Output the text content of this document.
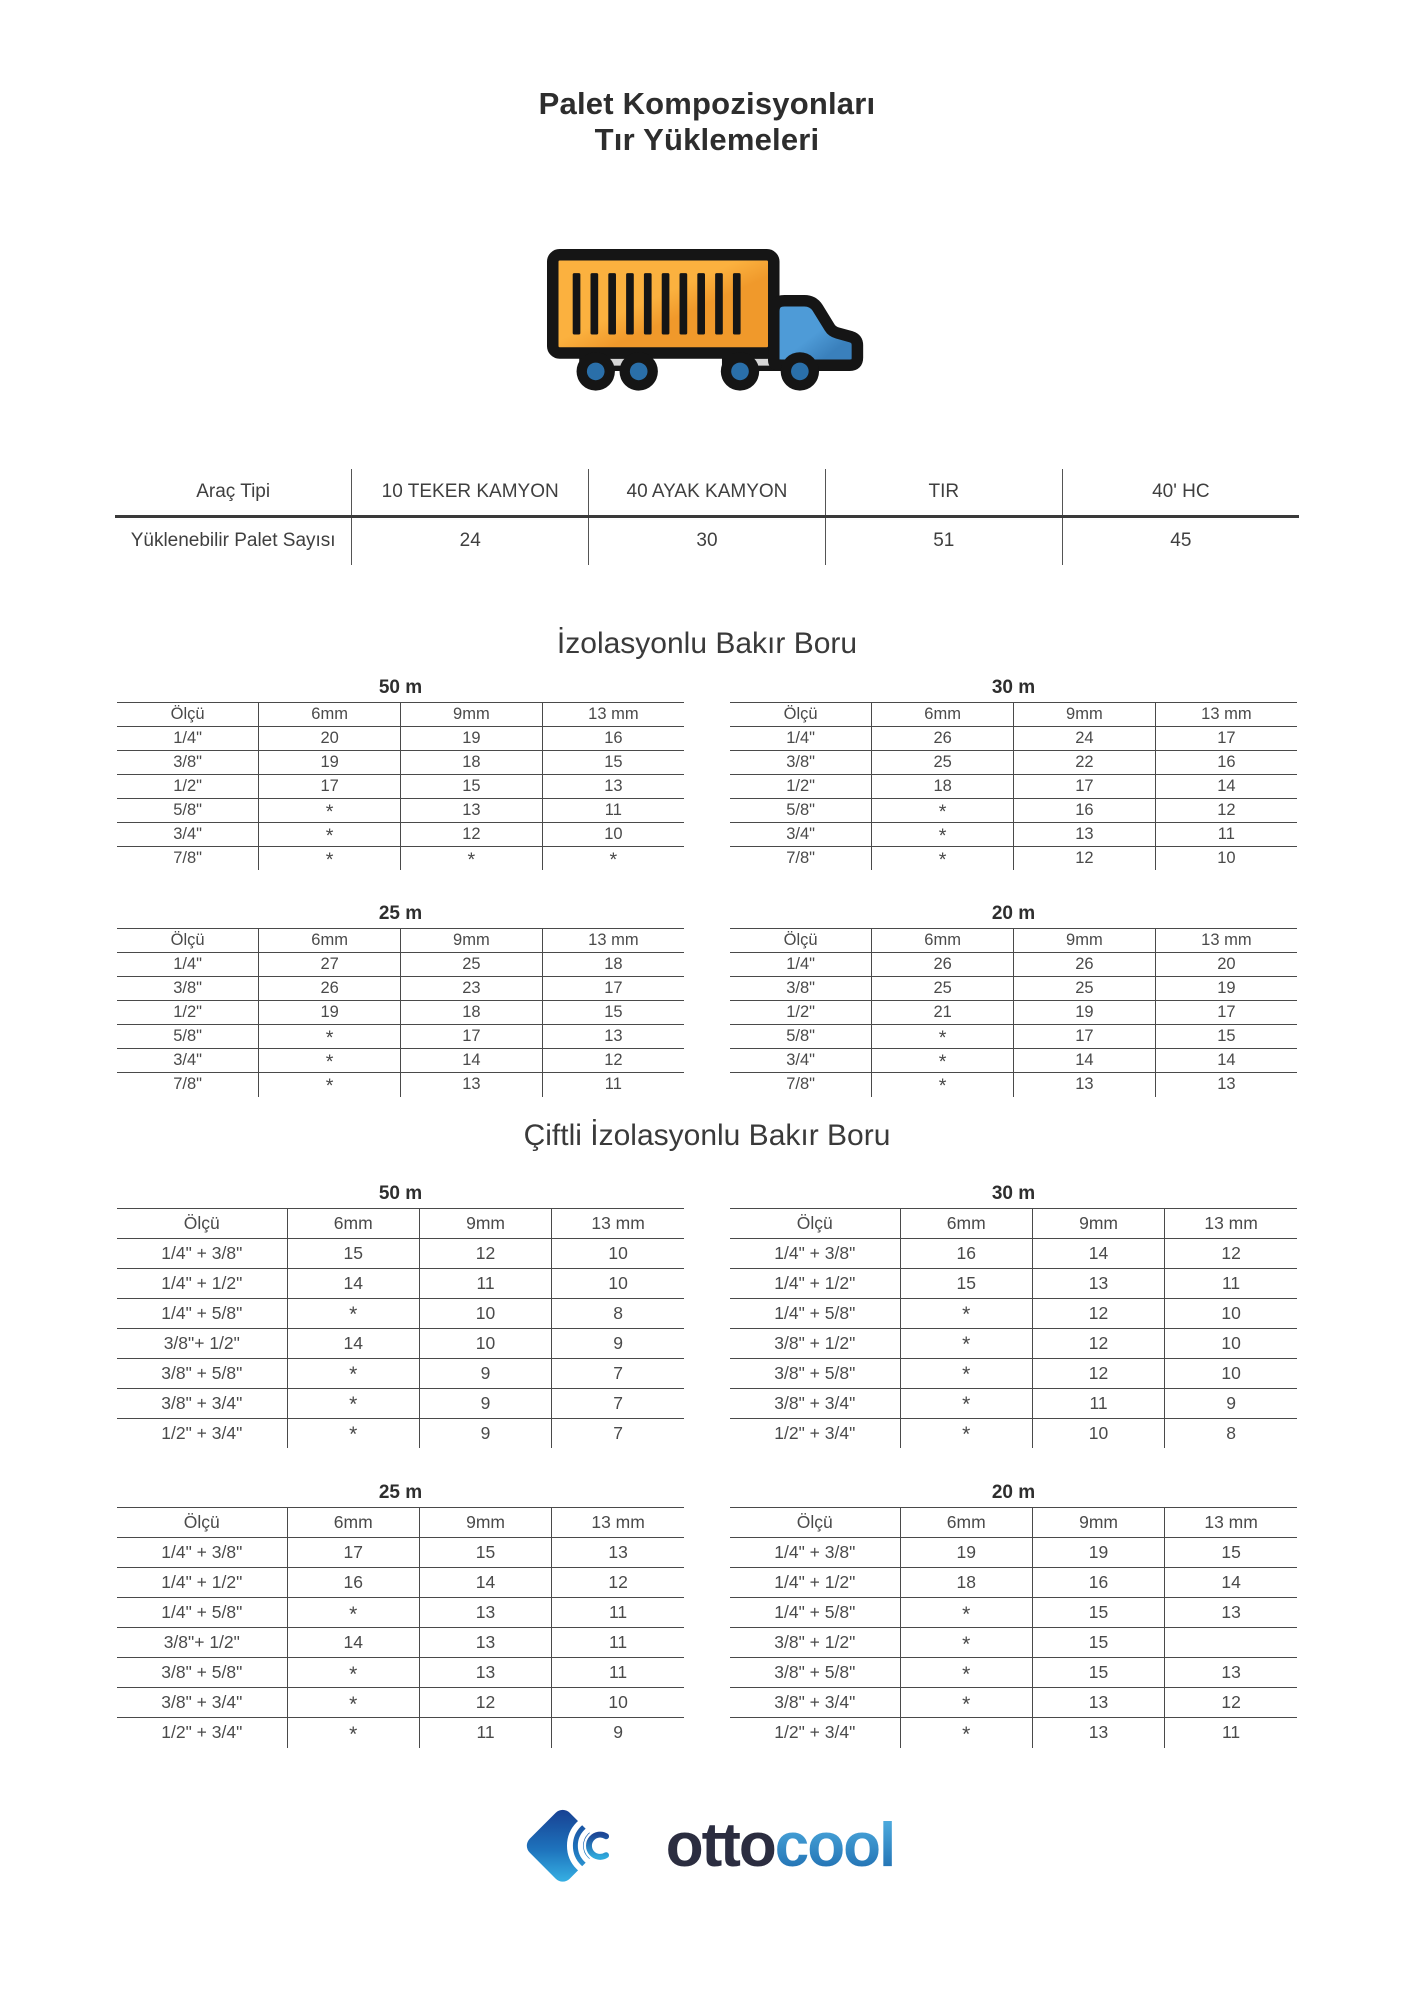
Palet Kompozisyonları
Tır Yüklemeleri
Araç Tipi	10 TEKER KAMYON	40 AYAK KAMYON	TIR	40' HC
Yüklenebilir Palet Sayısı	24	30	51	45
İzolasyonlu Bakır Boru
50 m
Ölçü	6mm	9mm	13 mm
1/4"	20	19	16
3/8"	19	18	15
1/2"	17	15	13
5/8"	*	13	11
3/4"	*	12	10
7/8"	*	*	*
30 m
Ölçü	6mm	9mm	13 mm
1/4"	26	24	17
3/8"	25	22	16
1/2"	18	17	14
5/8"	*	16	12
3/4"	*	13	11
7/8"	*	12	10
25 m
Ölçü	6mm	9mm	13 mm
1/4"	27	25	18
3/8"	26	23	17
1/2"	19	18	15
5/8"	*	17	13
3/4"	*	14	12
7/8"	*	13	11
20 m
Ölçü	6mm	9mm	13 mm
1/4"	26	26	20
3/8"	25	25	19
1/2"	21	19	17
5/8"	*	17	15
3/4"	*	14	14
7/8"	*	13	13
Çiftli İzolasyonlu Bakır Boru
50 m
Ölçü	6mm	9mm	13 mm
1/4" + 3/8"	15	12	10
1/4" + 1/2"	14	11	10
1/4" + 5/8"	*	10	8
3/8"+ 1/2"	14	10	9
3/8" + 5/8"	*	9	7
3/8" + 3/4"	*	9	7
1/2" + 3/4"	*	9	7
30 m
Ölçü	6mm	9mm	13 mm
1/4" + 3/8"	16	14	12
1/4" + 1/2"	15	13	11
1/4" + 5/8"	*	12	10
3/8" + 1/2"	*	12	10
3/8" + 5/8"	*	12	10
3/8" + 3/4"	*	11	9
1/2" + 3/4"	*	10	8
25 m
Ölçü	6mm	9mm	13 mm
1/4" + 3/8"	17	15	13
1/4" + 1/2"	16	14	12
1/4" + 5/8"	*	13	11
3/8"+ 1/2"	14	13	11
3/8" + 5/8"	*	13	11
3/8" + 3/4"	*	12	10
1/2" + 3/4"	*	11	9
20 m
Ölçü	6mm	9mm	13 mm
1/4" + 3/8"	19	19	15
1/4" + 1/2"	18	16	14
1/4" + 5/8"	*	15	13
3/8" + 1/2"	*	15	
3/8" + 5/8"	*	15	13
3/8" + 3/4"	*	13	12
1/2" + 3/4"	*	13	11
ottocool
